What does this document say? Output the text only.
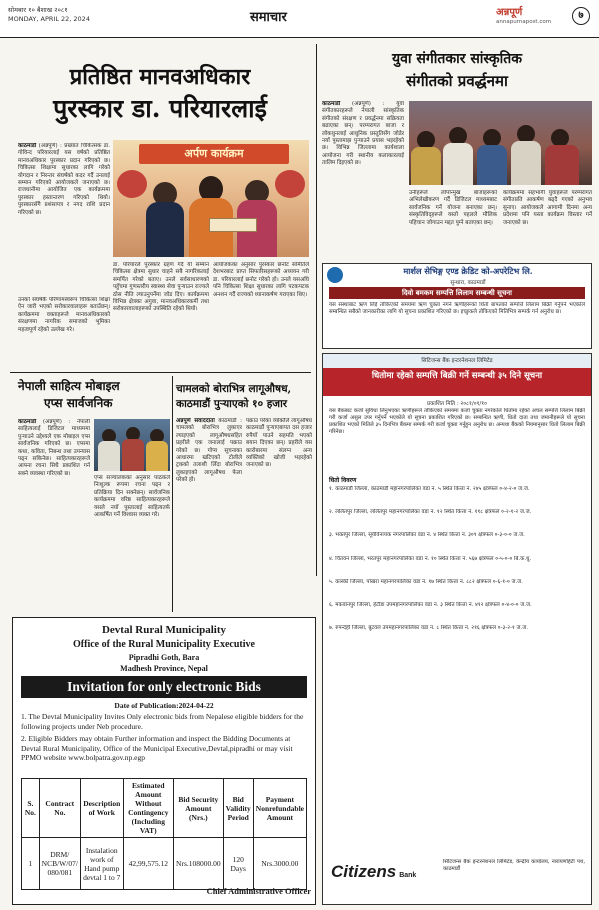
सोमबार १० बैशाख २०८१
MONDAY, APRIL 22, 2024	समाचार	अन्नपूर्ण
annapurnapost.com
७
प्रतिष्ठित मानवअधिकार
पुरस्कार डा. परियारलाई
काठमाडौं (अन्नपूर्ण) : प्रख्यात चिकित्सक डा. गोविन्द परियारलाई यस वर्षको प्रतिष्ठित मानवअधिकार पुरस्कार प्रदान गरिएको छ। चिकित्सा शिक्षामा सुधारका लागि गरेको योगदान र निरन्तर संघर्षको कदर गर्दै उनलाई सम्मान गरिएको आयोजकले जनाएको छ। राजधानीमा आयोजित एक कार्यक्रममा पुरस्कार हस्तान्तरण गरिएको थियो। पुरस्कारसँगै प्रशंसापत्र र नगद राशि प्रदान गरिएको छ।
अर्पण कार्यक्रम
डा. परियारले पुरस्कार ग्रहण गर्दै यो सम्मान चिकित्सा क्षेत्रमा सुधार चाहने सबै नागरिकलाई समर्पित गरेको बताए। उनले सर्वसाधारणको पहुँचमा गुणस्तरीय स्वास्थ्य सेवा पुर्‍याउन राज्यले ठोस नीति ल्याउनुपर्नेमा जोड दिए। कार्यक्रममा विभिन्न क्षेत्रका अगुवा, मानवअधिकारकर्मी तथा सरोकारवालाहरूको उपस्थिति रहेको थियो।
आयोजकका अनुसार पुरस्कार छनोट समितिले देशभरबाट प्राप्त सिफारिसहरूको अध्ययन गरी डा. परियारलाई छनोट गरेको हो। उनले यसअघि पनि चिकित्सा शिक्षा सुधारका लागि पटकपटक अनशन गर्दै राज्यको ध्यानाकर्षण गराएका थिए।
उनको संघर्षकै परिणामस्वरूप चिकित्सा शिक्षा ऐन जारी भएको सरोकारवालाहरू बताउँछन्। कार्यक्रममा वक्ताहरूले मानवअधिकारको संरक्षणमा नागरिक समाजको भूमिका महत्वपूर्ण रहेको उल्लेख गरे।
युवा संगीतकार सांस्कृतिक
संगीतको प्रवर्द्धनमा
काठमाडौं (अन्नपूर्ण) : युवा संगीतकारहरूले नेपाली सांस्कृतिक संगीतको संरक्षण र प्रवर्द्धनमा सक्रियता बढाएका छन्। परम्परागत बाजा र लोकधुनलाई आधुनिक प्रस्तुतिसँग जोडेर नयाँ पुस्तामाझ पुर्‍याउने प्रयास भइरहेको छ। विभिन्न जिल्लामा कार्यशाला आयोजना गरी स्थानीय कलाकारलाई तालिम दिइएको छ।
उनीहरूले लोपोन्मुख बाजाहरूको अभिलेखीकरण गर्दै डिजिटल माध्यमबाट सार्वजनिक गर्ने योजना बनाएका छन्। संस्कृतिविद्हरूले यस्तो पहलले मौलिक पहिचान जोगाउन मद्दत पुग्ने बताएका छन्।
कार्यक्रममा सहभागी युवाहरूले परम्परागत संगीतप्रति आकर्षण बढ्दै गएको अनुभव सुनाए। आयोजकले आगामी दिनमा अन्य प्रदेशमा पनि यस्ता कार्यक्रम विस्तार गर्ने जनाएको छ।
मार्शल सेभिङ्ग एण्ड क्रेडिट को-अपरेटिभ लि.
सुन्धारा, काठमाडौं
दिवो बमकम सम्पत्ति लिलाम सम्बन्धी सूचना
यस संस्थाबाट ऋण लिई तोकिएको समयमा ऋण चुक्ता नगर्ने ऋणीहरूको धितो बापतको सम्पत्ति लिलाम बिक्री गर्नुपर्ने भएकोले सम्बन्धित सबैको जानकारीका लागि यो सूचना प्रकाशित गरिएको छ। इच्छुकले तोकिएको मितिभित्र सम्पर्क गर्न अनुरोध छ।
नेपाली साहित्य मोबाइल
एप्स सार्वजनिक
काठमाडौं (अन्नपूर्ण) : नेपाली साहित्यलाई डिजिटल माध्यममा पुर्‍याउने उद्देश्यले एक मोबाइल एप्स सार्वजनिक गरिएको छ। एप्समा कथा, कविता, निबन्ध तथा उपन्यास पढ्न सकिनेछ। साहित्यकारहरूले आफ्ना रचना सिधै प्रकाशित गर्न सक्ने व्यवस्था गरिएको छ।
एप्स सञ्चालकका अनुसार पाठकले निःशुल्क रूपमा रचना पढ्न र प्रतिक्रिया दिन सक्नेछन्। सार्वजनिक कार्यक्रममा वरिष्ठ साहित्यकारहरूले यसले नयाँ पुस्तालाई साहित्यतर्फ आकर्षित गर्ने विश्वास व्यक्त गरे।
चामलको बोराभित्र लागूऔषध,
काठमाडौं पुऱ्याएको १० हजार
अन्नपूर्ण संवाददाता काठमाडौं : चामलको बोराभित्र लुकाएर ल्याइएको लागूऔषधसहित प्रहरीले एक जनालाई पक्राउ गरेको छ। गोप्य सूचनाका आधारमा खटिएको टोलीले ट्रकको तलाशी लिँदा बोराभित्र लुकाइएको लागूऔषध फेला परेको हो।
पक्राउ परेका व्यक्तिले लागूऔषध काठमाडौं पुर्‍याएबापत दस हजार रुपैयाँ पाउने सहमति भएको बयान दिएका छन्। प्रहरीले यस कारोबारमा संलग्न अन्य व्यक्तिको खोजी भइरहेको जनाएको छ।
सिटिजन्स बैंक इन्टरनेशनल लिमिटेड
धितोमा रहेको सम्पत्ति बिक्री गर्ने सम्बन्धी ३५ दिने सूचना
प्रकाशित मिति : २०८१/०१/१०
यस बैंकबाट कर्जा सुविधा लिनुभएका ऋणीहरूले तोकिएको समयमा कर्जा चुक्ता नगरेकोले धितोमा रहेको अचल सम्पत्ति लिलाम बिक्री गरी कर्जा असुल उपर गर्नुपर्ने भएकोले यो सूचना प्रकाशित गरिएको छ। सम्बन्धित ऋणी, धितो दाता तथा जमानीहरूले यो सूचना प्रकाशित भएको मितिले ३५ दिनभित्र बैंकमा सम्पर्क गरी कर्जा चुक्ता गर्नुहुन अनुरोध छ। अन्यथा बैंकको नियमानुसार धितो लिलाम बिक्री गरिनेछ।
धितो विवरण
१. काठमाडौं जिल्ला, काठमाडौं महानगरपालिका वडा नं. ५ स्थित कित्ता नं. २४५ क्षेत्रफल ०-४-२-० ज.ज.
२. ललितपुर जिल्ला, ललितपुर महानगरपालिका वडा नं. १२ स्थित कित्ता नं. ११८ क्षेत्रफल ०-२-१-२ ज.ज.
३. भक्तपुर जिल्ला, सूर्यविनायक नगरपालिका वडा नं. ४ स्थित कित्ता नं. ३०९ क्षेत्रफल ०-३-०-० ज.ज.
४. चितवन जिल्ला, भरतपुर महानगरपालिका वडा नं. १० स्थित कित्ता नं. ५६७ क्षेत्रफल ०-५-०-० बि.क.धु.
५. कास्की जिल्ला, पोखरा महानगरपालिका वडा नं. १७ स्थित कित्ता नं. ८८२ क्षेत्रफल ०-६-१-० ज.ज.
६. मकवानपुर जिल्ला, हेटौंडा उपमहानगरपालिका वडा नं. ३ स्थित कित्ता नं. ४१२ क्षेत्रफल ०-४-०-० ज.ज.
७. रुपन्देही जिल्ला, बुटवल उपमहानगरपालिका वडा नं. ८ स्थित कित्ता नं. २१६ क्षेत्रफल ०-३-२-१ ज.ज.
Citizens Bank
सिटिजन्स बैंक इन्टरनेशनल लिमिटेड, केन्द्रीय कार्यालय, नारायणहिटी पथ, काठमाडौं
Devtal Rural Municipality
Office of the Rural Municipality Executive
Pipradhi Goth, Bara
Madhesh Province, Nepal
Invitation for only electronic Bids
Date of Publication:2024-04-22
1. The Devtal Municipality Invites Only electronic bids from Nepalese eligible bidders for the following projects under Neb procedure.
2. Eligible Bidders may obtain Further information and inspect the Bidding Documents at Devtal Rural Municipality, Office of the Municipal Executive,Devtal,pipradhi or may visit PPMO website www.bolpatra.gov.np.egp
S. No.	Contract No.	Description of Work	Estimated Amount Without Contingency (Including VAT)	Bid Security Amount (Nrs.)	Bid Validity Period	Payment Nonrefundable Amount
1	DRM/ NCB/W/07/ 080/081	Instalation work of Hand pump devtal 1 to 7	42,99,575.12	Nrs.108000.00	120 Days	Nrs.3000.00
Chief Administrative Officer
